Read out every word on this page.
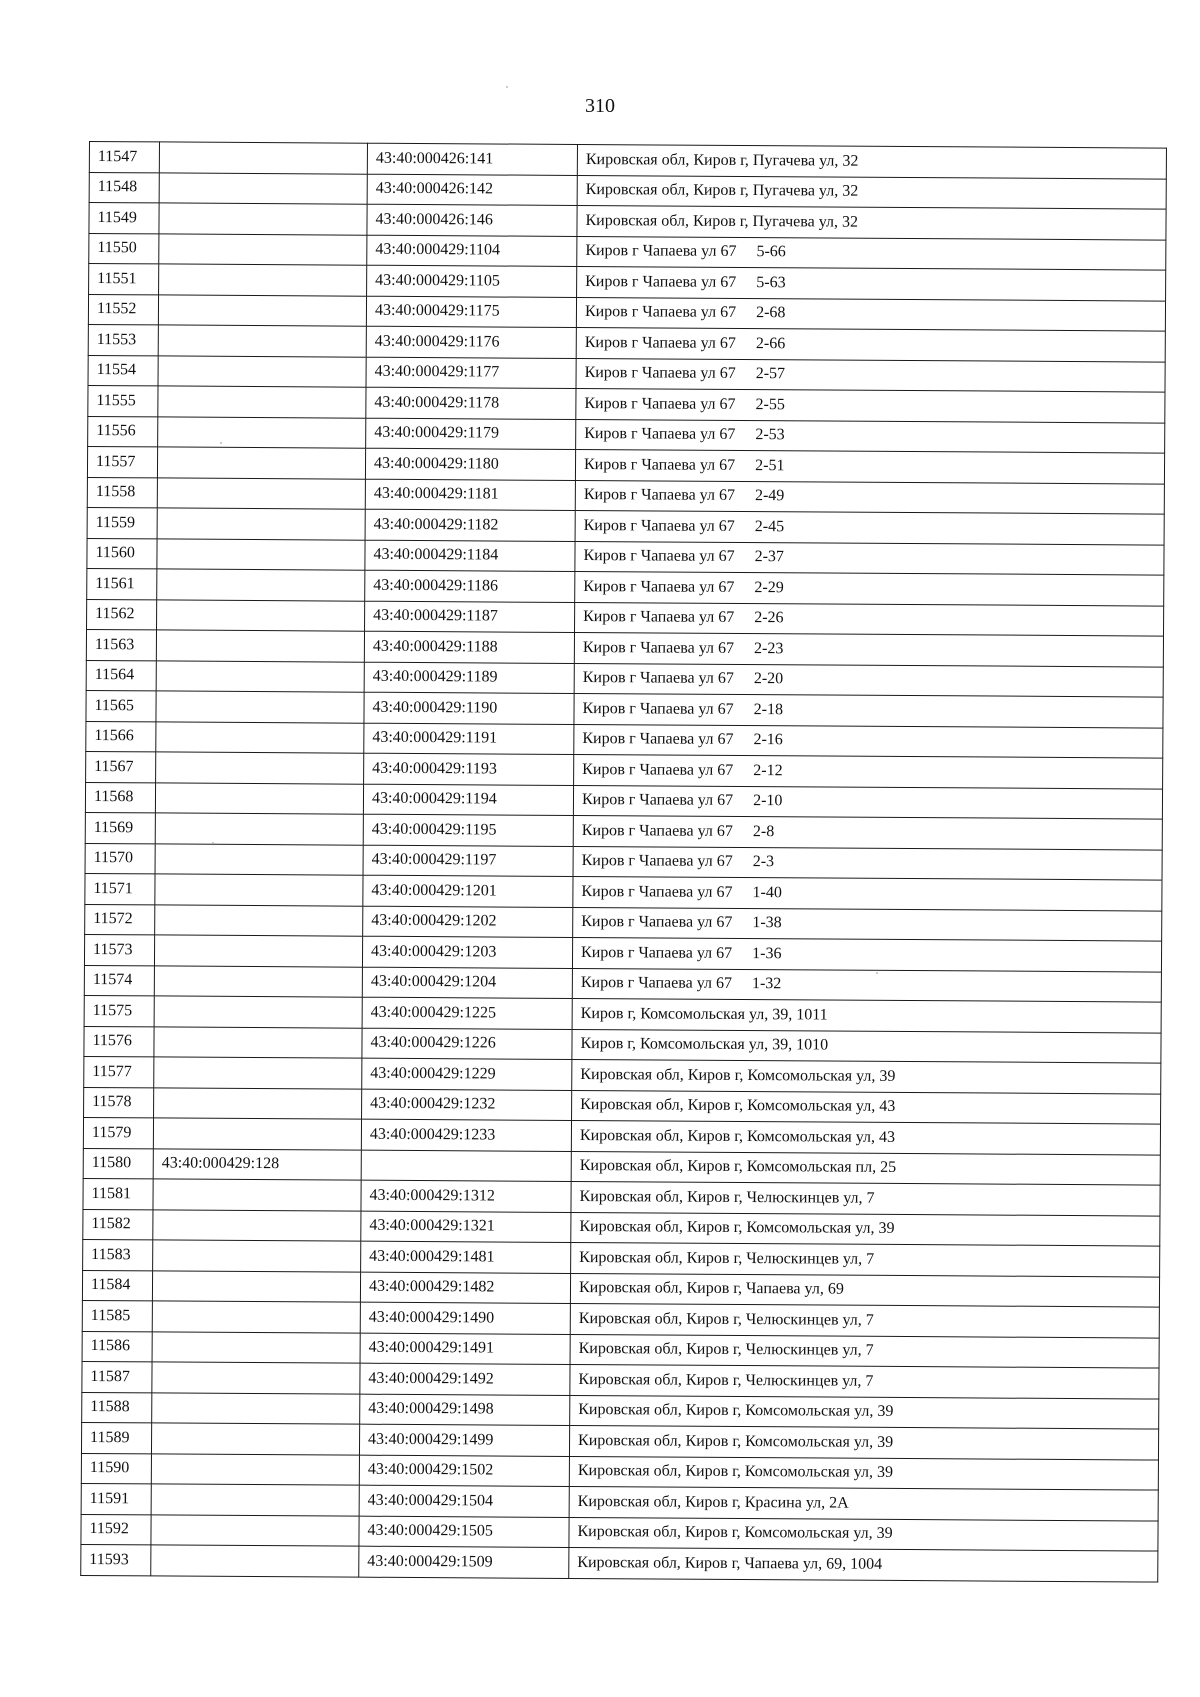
310
11547		43:40:000426:141	Кировская обл, Киров г, Пугачева ул, 32
11548		43:40:000426:142	Кировская обл, Киров г, Пугачева ул, 32
11549		43:40:000426:146	Кировская обл, Киров г, Пугачева ул, 32
11550		43:40:000429:1104	Киров г Чапаева ул 67     5-66
11551		43:40:000429:1105	Киров г Чапаева ул 67     5-63
11552		43:40:000429:1175	Киров г Чапаева ул 67     2-68
11553		43:40:000429:1176	Киров г Чапаева ул 67     2-66
11554		43:40:000429:1177	Киров г Чапаева ул 67     2-57
11555		43:40:000429:1178	Киров г Чапаева ул 67     2-55
11556		43:40:000429:1179	Киров г Чапаева ул 67     2-53
11557		43:40:000429:1180	Киров г Чапаева ул 67     2-51
11558		43:40:000429:1181	Киров г Чапаева ул 67     2-49
11559		43:40:000429:1182	Киров г Чапаева ул 67     2-45
11560		43:40:000429:1184	Киров г Чапаева ул 67     2-37
11561		43:40:000429:1186	Киров г Чапаева ул 67     2-29
11562		43:40:000429:1187	Киров г Чапаева ул 67     2-26
11563		43:40:000429:1188	Киров г Чапаева ул 67     2-23
11564		43:40:000429:1189	Киров г Чапаева ул 67     2-20
11565		43:40:000429:1190	Киров г Чапаева ул 67     2-18
11566		43:40:000429:1191	Киров г Чапаева ул 67     2-16
11567		43:40:000429:1193	Киров г Чапаева ул 67     2-12
11568		43:40:000429:1194	Киров г Чапаева ул 67     2-10
11569		43:40:000429:1195	Киров г Чапаева ул 67     2-8
11570		43:40:000429:1197	Киров г Чапаева ул 67     2-3
11571		43:40:000429:1201	Киров г Чапаева ул 67     1-40
11572		43:40:000429:1202	Киров г Чапаева ул 67     1-38
11573		43:40:000429:1203	Киров г Чапаева ул 67     1-36
11574		43:40:000429:1204	Киров г Чапаева ул 67     1-32
11575		43:40:000429:1225	Киров г, Комсомольская ул, 39, 1011
11576		43:40:000429:1226	Киров г, Комсомольская ул, 39, 1010
11577		43:40:000429:1229	Кировская обл, Киров г, Комсомольская ул, 39
11578		43:40:000429:1232	Кировская обл, Киров г, Комсомольская ул, 43
11579		43:40:000429:1233	Кировская обл, Киров г, Комсомольская ул, 43
11580	43:40:000429:128		Кировская обл, Киров г, Комсомольская пл, 25
11581		43:40:000429:1312	Кировская обл, Киров г, Челюскинцев ул, 7
11582		43:40:000429:1321	Кировская обл, Киров г, Комсомольская ул, 39
11583		43:40:000429:1481	Кировская обл, Киров г, Челюскинцев ул, 7
11584		43:40:000429:1482	Кировская обл, Киров г, Чапаева ул, 69
11585		43:40:000429:1490	Кировская обл, Киров г, Челюскинцев ул, 7
11586		43:40:000429:1491	Кировская обл, Киров г, Челюскинцев ул, 7
11587		43:40:000429:1492	Кировская обл, Киров г, Челюскинцев ул, 7
11588		43:40:000429:1498	Кировская обл, Киров г, Комсомольская ул, 39
11589		43:40:000429:1499	Кировская обл, Киров г, Комсомольская ул, 39
11590		43:40:000429:1502	Кировская обл, Киров г, Комсомольская ул, 39
11591		43:40:000429:1504	Кировская обл, Киров г, Красина ул, 2А
11592		43:40:000429:1505	Кировская обл, Киров г, Комсомольская ул, 39
11593		43:40:000429:1509	Кировская обл, Киров г, Чапаева ул, 69, 1004
